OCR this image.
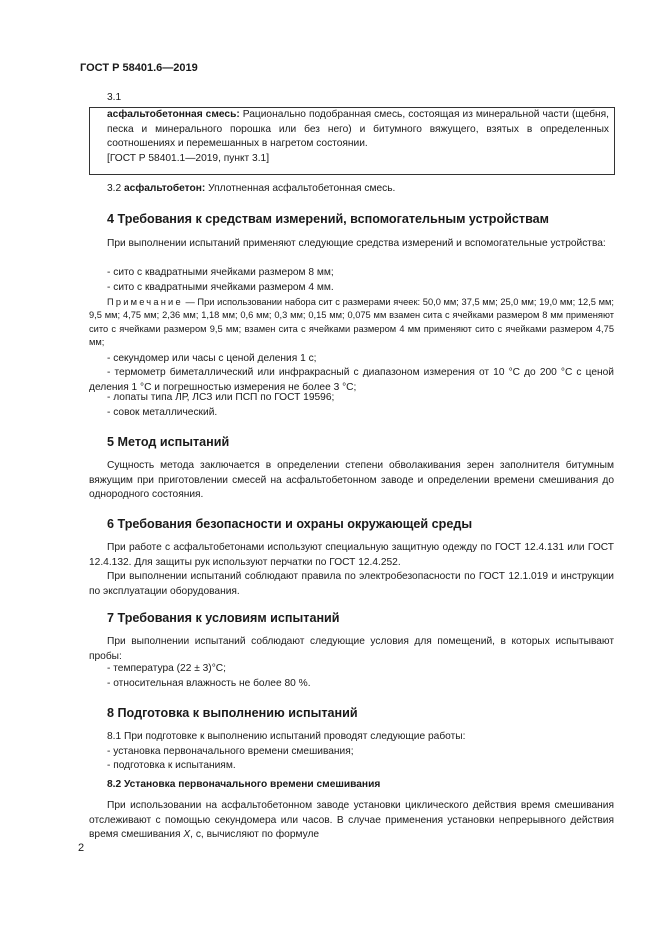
ГОСТ Р 58401.6—2019
3.1
асфальтобетонная смесь: Рациональнo подобранная смесь, состоящая из минеральной части (щебня, песка и минерального порошка или без него) и битумного вяжущего, взятых в определенных соотношениях и перемешанных в нагретом состоянии.
[ГОСТ Р 58401.1—2019, пункт 3.1]
3.2 асфальтобетон: Уплотненная асфальтобетонная смесь.
4 Требования к средствам измерений, вспомогательным устройствам

При выполнении испытаний применяют следующие средства измерений и вспомогательные устройства:

- сито с квадратными ячейками размером 8 мм;
- сито с квадратными ячейками размером 4 мм.

Примечание — При использовании набора сит с размерами ячеек: 50,0 мм; 37,5 мм; 25,0 мм; 19,0 мм; 12,5 мм; 9,5 мм; 4,75 мм; 2,36 мм; 1,18 мм; 0,6 мм; 0,3 мм; 0,15 мм; 0,075 мм взамен сита с ячейками размером 8 мм применяют сито с ячейками размером 9,5 мм; взамен сита с ячейками размером 4 мм применяют сито с ячейками размером 4,75 мм;

- секундомер или часы с ценой деления 1 с;

- термометр биметаллический или инфракрасный с диапазоном измерения от 10 °С до 200 °С с ценой деления 1 °С и погрешностью измерения не более 3 °С;

- лопаты типа ЛР, ЛСЗ или ПСП по ГОСТ 19596;
- совок металлический.
5 Метод испытаний

Сущность метода заключается в определении степени обволакивания зерен заполнителя битумным вяжущим при приготовлении смесей на асфальтобетонном заводе и определении времени смешивания до однородного состояния.

6 Требования безопасности и охраны окружающей среды

При работе с асфальтобетонами используют специальную защитную одежду по ГОСТ 12.4.131 или ГОСТ 12.4.132. Для защиты рук используют перчатки по ГОСТ 12.4.252.

При выполнении испытаний соблюдают правила по электробезопасности по ГОСТ 12.1.019 и инструкции по эксплуатации оборудования.

7 Требования к условиям испытаний

При выполнении испытаний соблюдают следующие условия для помещений, в которых испытывают пробы:

- температура (22 ± 3)°С;
- относительная влажность не более 80 %.
8 Подготовка к выполнению испытаний
8.1 При подготовке к выполнению испытаний проводят следующие работы:
- установка первоначального времени смешивания;
- подготовка к испытаниям.
8.2 Установка первоначального времени смешивания

При использовании на асфальтобетонном заводе установки циклического действия время смешивания отслеживают с помощью секундомера или часов. В случае применения установки непрерывного действия время смешивания X, с, вычисляют по формуле

2
